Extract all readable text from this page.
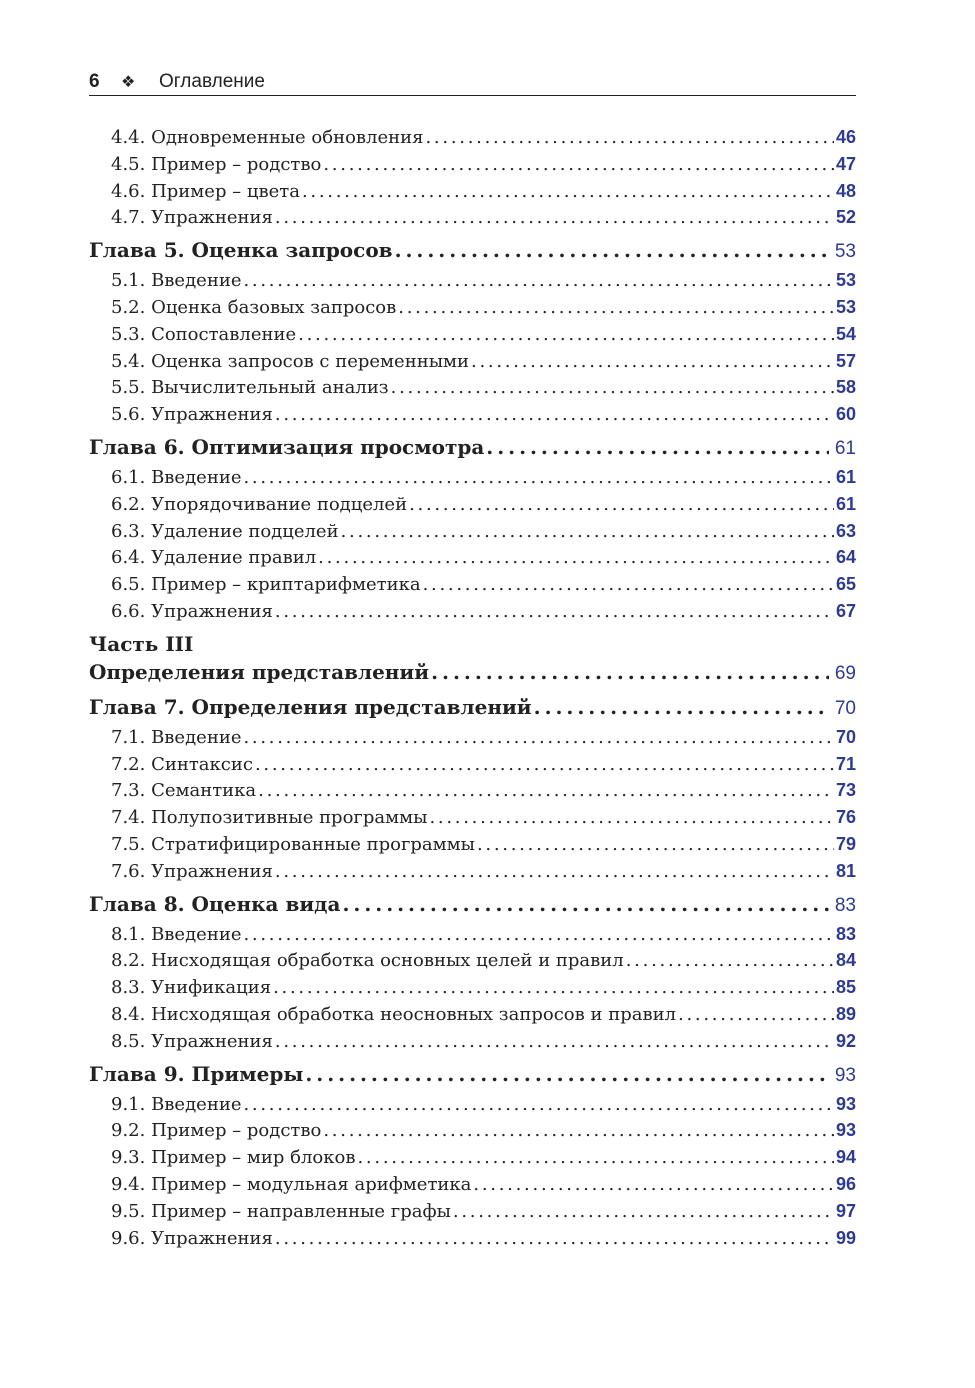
6	❖	Оглавление
4.4. Одновременные обновления . . .	46
4.5. Пример – родство . . .	47
4.6. Пример – цвета . . .	48
4.7. Упражнения . . .	52
Глава 5. Оценка запросов . . .	53
5.1. Введение . . .	53
5.2. Оценка базовых запросов . . .	53
5.3. Сопоставление . . .	54
5.4. Оценка запросов с переменными . . .	57
5.5. Вычислительный анализ . . .	58
5.6. Упражнения . . .	60
Глава 6. Оптимизация просмотра . . .	61
6.1. Введение . . .	61
6.2. Упорядочивание подцелей . . .	61
6.3. Удаление подцелей . . .	63
6.4. Удаление правил . . .	64
6.5. Пример – криптарифметика . . .	65
6.6. Упражнения . . .	67
Часть III
Определения представлений . . .	69
Глава 7. Определения представлений . . .	70
7.1. Введение . . .	70
7.2. Синтаксис . . .	71
7.3. Семантика . . .	73
7.4. Полупозитивные программы . . .	76
7.5. Стратифицированные программы . . .	79
7.6. Упражнения . . .	81
Глава 8. Оценка вида . . .	83
8.1. Введение . . .	83
8.2. Нисходящая обработка основных целей и правил . . .	84
8.3. Унификация . . .	85
8.4. Нисходящая обработка неосновных запросов и правил . . .	89
8.5. Упражнения . . .	92
Глава 9. Примеры . . .	93
9.1. Введение . . .	93
9.2. Пример – родство . . .	93
9.3. Пример – мир блоков . . .	94
9.4. Пример – модульная арифметика . . .	96
9.5. Пример – направленные графы . . .	97
9.6. Упражнения . . .	99
